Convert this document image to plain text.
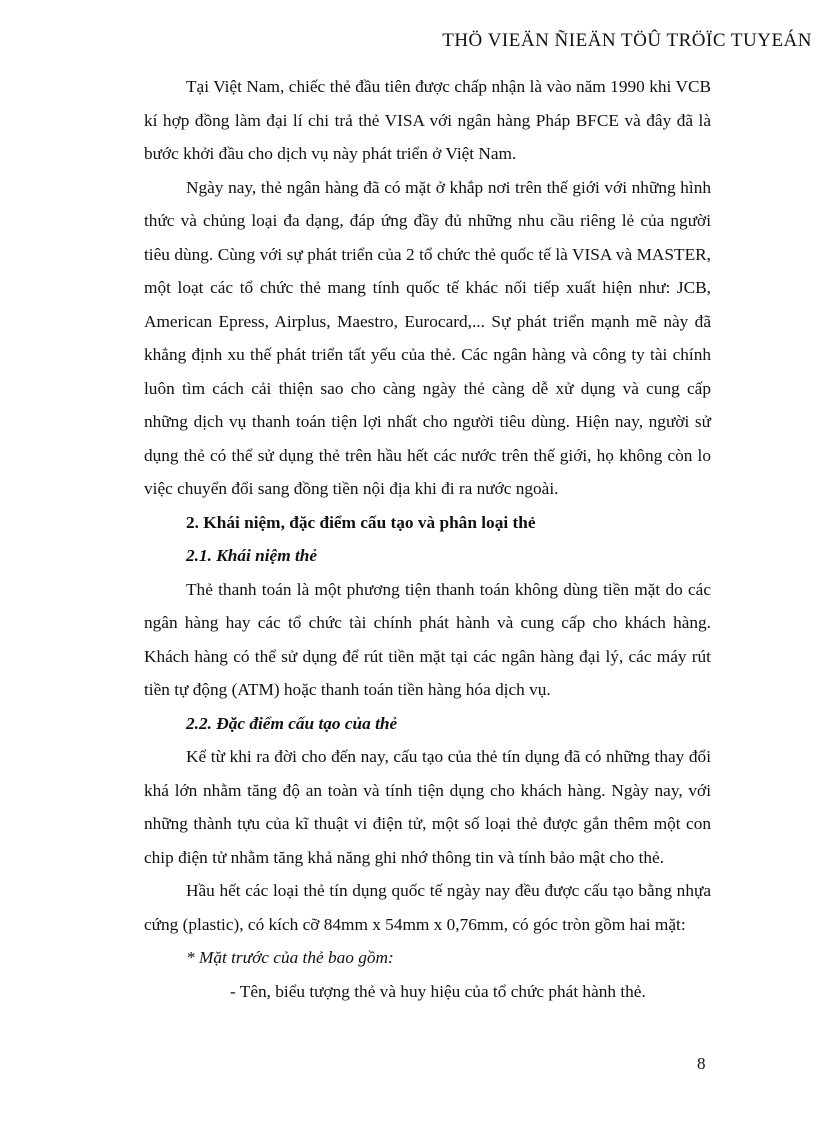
THÖ VIEÄN ÑIEÄN TÖÛ TRÖÏC TUYEÁN

Tại Việt Nam, chiếc thẻ đầu tiên được chấp nhận là vào năm 1990 khi VCB kí hợp đồng làm đại lí chi trả thẻ VISA với ngân hàng Pháp BFCE và đây đã là bước khởi đầu cho dịch vụ này phát triển ở Việt Nam.

Ngày nay, thẻ ngân hàng đã có mặt ở khắp nơi trên thế giới với những hình thức và chủng loại đa dạng, đáp ứng đầy đủ những nhu cầu riêng lẻ của người tiêu dùng. Cùng với sự phát triển của 2 tổ chức thẻ quốc tế là VISA và MASTER, một loạt các tổ chức thẻ mang tính quốc tế khác nối tiếp xuất hiện như: JCB, American Epress, Airplus, Maestro, Eurocard,... Sự phát triển mạnh mẽ này đã khẳng định xu thế phát triển tất yếu của thẻ. Các ngân hàng và công ty tài chính luôn tìm cách cải thiện sao cho càng ngày thẻ càng dễ xử dụng và cung cấp những dịch vụ thanh toán tiện lợi nhất cho người tiêu dùng. Hiện nay, người sử dụng thẻ có thể sử dụng thẻ trên hầu hết các nước trên thế giới, họ không còn lo việc chuyển đổi sang đồng tiền nội địa khi đi ra nước ngoài.

2. Khái niệm, đặc điểm cấu tạo và phân loại thẻ

2.1. Khái niệm thẻ

Thẻ thanh toán là một phương tiện thanh toán không dùng tiền mặt do các ngân hàng hay các tổ chức tài chính phát hành và cung cấp cho khách hàng. Khách hàng có thể sử dụng để rút tiền mặt tại các ngân hàng đại lý, các máy rút tiền tự động (ATM) hoặc thanh toán tiền hàng hóa dịch vụ.

2.2. Đặc điểm cấu tạo của thẻ

Kể từ khi ra đời cho đến nay, cấu tạo của thẻ tín dụng đã có những thay đổi khá lớn nhằm tăng độ an toàn và tính tiện dụng cho khách hàng. Ngày nay, với những thành tựu của kĩ thuật vi điện tử, một số loại thẻ được gắn thêm một con chip điện tử nhằm tăng khả năng ghi nhớ thông tin và tính bảo mật cho thẻ.

Hầu hết các loại thẻ tín dụng quốc tế ngày nay đều được cấu tạo bằng nhựa cứng (plastic), có kích cỡ 84mm x 54mm x 0,76mm, có góc tròn gồm hai mặt:

* Mặt trước của thẻ bao gồm:

- Tên, biểu tượng thẻ và huy hiệu của tổ chức phát hành thẻ.

8
